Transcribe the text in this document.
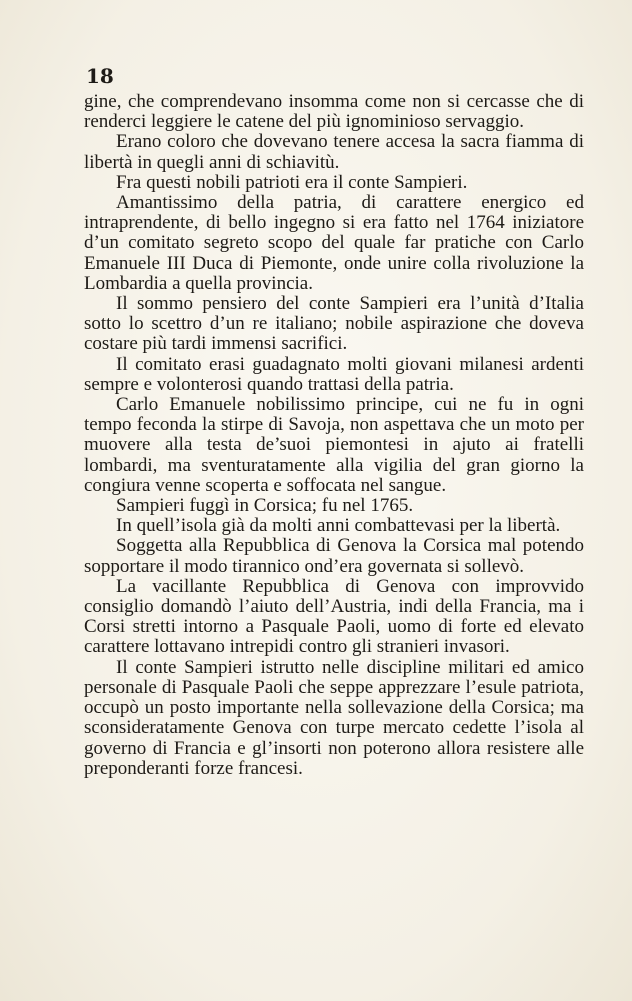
18

gine, che comprendevano insomma come non si cercasse che di renderci leggiere le catene del più ignominioso servaggio.

Erano coloro che dovevano tenere accesa la sacra fiamma di libertà in quegli anni di schiavitù.

Fra questi nobili patrioti era il conte Sampieri.

Amantissimo della patria, di carattere energico ed intraprendente, di bello ingegno si era fatto nel 1764 iniziatore d’un comitato segreto scopo del quale far pratiche con Carlo Emanuele III Duca di Piemonte, onde unire colla rivoluzione la Lombardia a quella provincia.

Il sommo pensiero del conte Sampieri era l’unità d’Italia sotto lo scettro d’un re italiano; nobile aspirazione che doveva costare più tardi immensi sacrifici.

Il comitato erasi guadagnato molti giovani milanesi ardenti sempre e volonterosi quando trattasi della patria.

Carlo Emanuele nobilissimo principe, cui ne fu in ogni tempo feconda la stirpe di Savoja, non aspettava che un moto per muovere alla testa de’suoi piemontesi in ajuto ai fratelli lombardi, ma sventuratamente alla vigilia del gran giorno la congiura venne scoperta e soffocata nel sangue.

Sampieri fuggì in Corsica; fu nel 1765.

In quell’isola già da molti anni combattevasi per la libertà.

Soggetta alla Repubblica di Genova la Corsica mal potendo sopportare il modo tirannico ond’era governata si sollevò.

La vacillante Repubblica di Genova con improvvido consiglio domandò l’aiuto dell’Austria, indi della Francia, ma i Corsi stretti intorno a Pasquale Paoli, uomo di forte ed elevato carattere lottavano intrepidi contro gli stranieri invasori.

Il conte Sampieri istrutto nelle discipline militari ed amico personale di Pasquale Paoli che seppe apprezzare l’esule patriota, occupò un posto importante nella sollevazione della Corsica; ma sconsideratamente Genova con turpe mercato cedette l’isola al governo di Francia e gl’insorti non poterono allora resistere alle preponderanti forze francesi.
